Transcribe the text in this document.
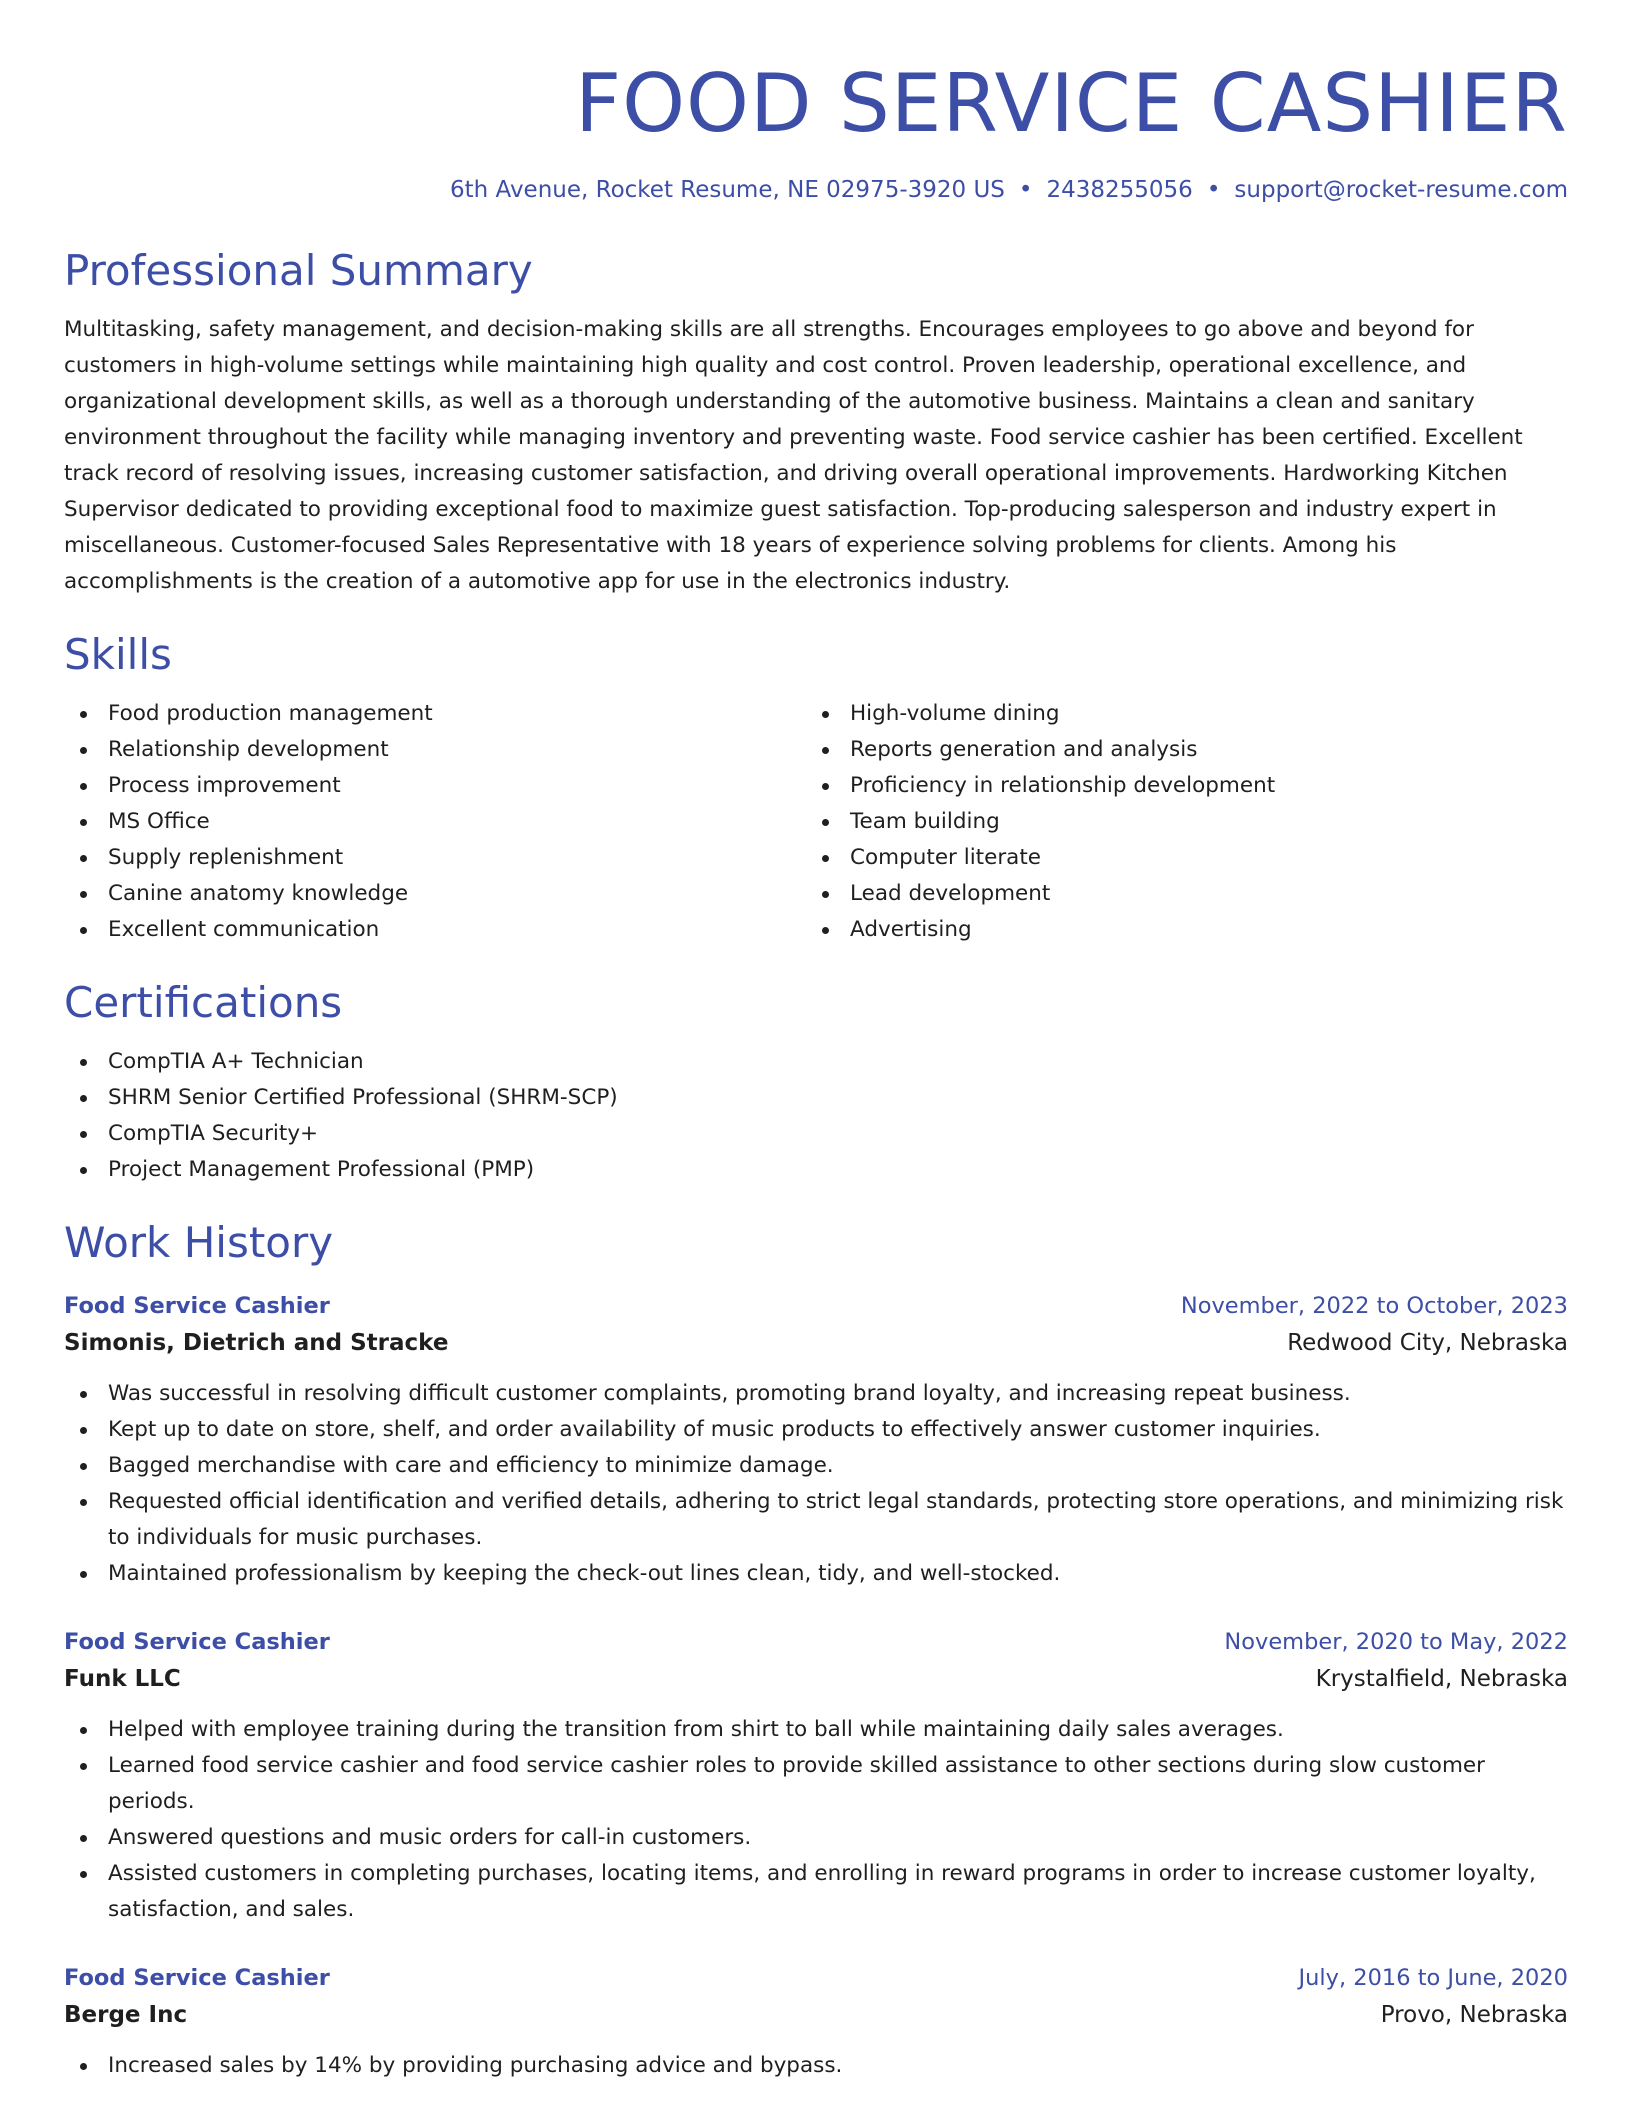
FOOD SERVICE CASHIER
6th Avenue, Rocket Resume, NE 02975-3920 US • 2438255056 • support@rocket-resume.com
Professional Summary

Multitasking, safety management, and decision-making skills are all strengths. Encourages employees to go above and beyond for customers in high-volume settings while maintaining high quality and cost control. Proven leadership, operational excellence, and organizational development skills, as well as a thorough understanding of the automotive business. Maintains a clean and sanitary environment throughout the facility while managing inventory and preventing waste. Food service cashier has been certified. Excellent track record of resolving issues, increasing customer satisfaction, and driving overall operational improvements. Hardworking Kitchen Supervisor dedicated to providing exceptional food to maximize guest satisfaction. Top-producing salesperson and industry expert in miscellaneous. Customer-focused Sales Representative with 18 years of experience solving problems for clients. Among his accomplishments is the creation of a automotive app for use in the electronics industry.

Skills
Food production management
Relationship development
Process improvement
MS Office
Supply replenishment
Canine anatomy knowledge
Excellent communication
High-volume dining
Reports generation and analysis
Proficiency in relationship development
Team building
Computer literate
Lead development
Advertising
Certifications
CompTIA A+ Technician
SHRM Senior Certified Professional (SHRM-SCP)
CompTIA Security+
Project Management Professional (PMP)
Work History
Food Service Cashier	November, 2022 to October, 2023
Simonis, Dietrich and Stracke	Redwood City, Nebraska
Was successful in resolving difficult customer complaints, promoting brand loyalty, and increasing repeat business.
Kept up to date on store, shelf, and order availability of music products to effectively answer customer inquiries.
Bagged merchandise with care and efficiency to minimize damage.
Requested official identification and verified details, adhering to strict legal standards, protecting store operations, and minimizing risk to individuals for music purchases.
Maintained professionalism by keeping the check-out lines clean, tidy, and well-stocked.
Food Service Cashier	November, 2020 to May, 2022
Funk LLC	Krystalfield, Nebraska
Helped with employee training during the transition from shirt to ball while maintaining daily sales averages.
Learned food service cashier and food service cashier roles to provide skilled assistance to other sections during slow customer periods.
Answered questions and music orders for call-in customers.
Assisted customers in completing purchases, locating items, and enrolling in reward programs in order to increase customer loyalty, satisfaction, and sales.
Food Service Cashier	July, 2016 to June, 2020
Berge Inc	Provo, Nebraska
Increased sales by 14% by providing purchasing advice and bypass.
